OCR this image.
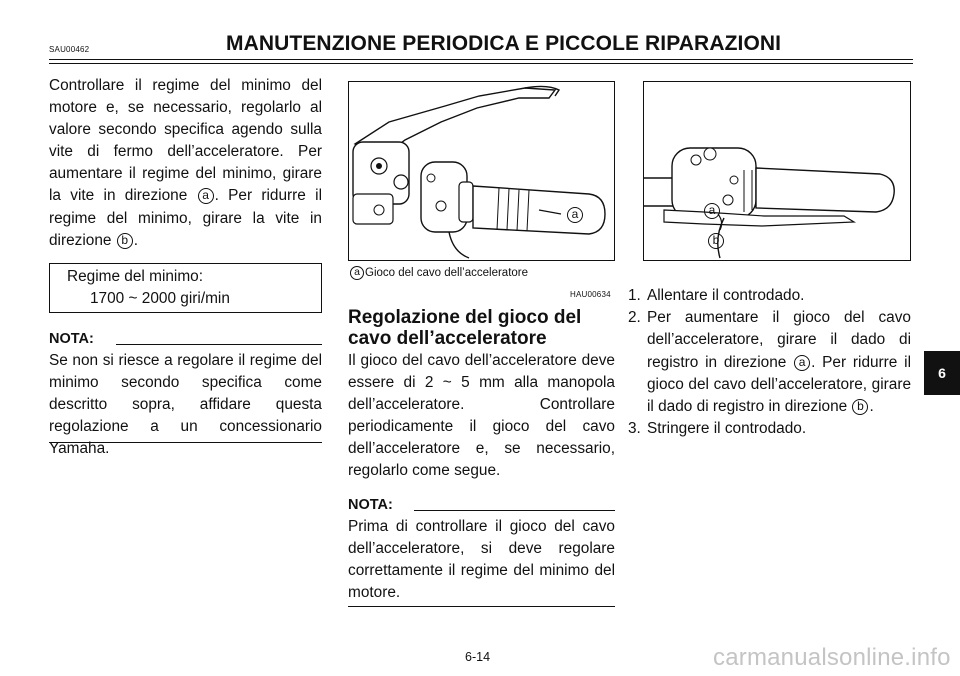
SAU00462	MANUTENZIONE PERIODICA E PICCOLE RIPARAZIONI

Controllare il regime del minimo del motore e, se necessario, regolarlo al valore secondo specifica agendo sulla vite di fermo dell’acceleratore. Per aumentare il regime del minimo, girare la vite in direzione a . Per ridurre il regime del minimo, girare la vite in direzione b .

Regime del minimo:
1700 ~ 2000 giri/min
NOTA:
Se non si riesce a regolare il regime del minimo secondo specifica come descritto sopra, affidare questa regolazione a un concessionario Yamaha.
a
a Gioco del cavo dell’acceleratore
HAU00634
Regolazione del gioco del
cavo dell’acceleratore
Il gioco del cavo dell’acceleratore deve essere di 2 ~ 5 mm alla manopola dell’acceleratore. Controllare periodicamente il gioco del cavo dell’acceleratore e, se necessario, regolarlo come segue.
NOTA:
Prima di controllare il gioco del cavo dell’acceleratore, si deve regolare correttamente il regime del minimo del motore.
a
b
1. Allentare il controdado.
2. Per aumentare il gioco del cavo dell’acceleratore, girare il dado di registro in direzione a . Per ridurre il gioco del cavo dell’acceleratore, girare il dado di registro in direzione b .
3. Stringere il controdado.
6
6-14	carmanualsonline.info
